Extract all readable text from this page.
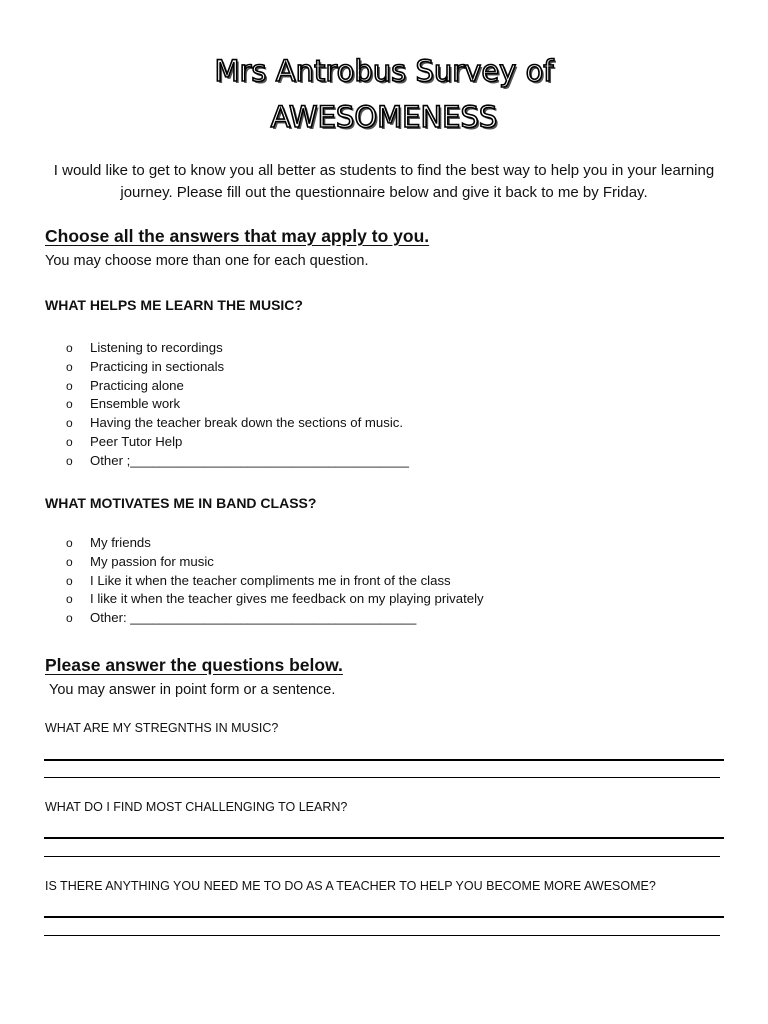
Mrs Antrobus Survey of
AWESOMENESS
I would like to get to know you all better as students to find the best way to help you in your learning journey. Please fill out the questionnaire below and give it back to me by Friday.
Choose all the answers that may apply to you.
You may choose more than one for each question.
WHAT HELPS ME LEARN THE MUSIC?
o Listening to recordings
o Practicing in sectionals
o Practicing alone
o Ensemble work
o Having the teacher break down the sections of music.
o Peer Tutor Help
o Other ;______________________________________
WHAT MOTIVATES ME IN BAND CLASS?
o My friends
o My passion for music
o I Like it when the teacher compliments me in front of the class
o I like it when the teacher gives me feedback on my playing privately
o Other: _______________________________________
Please answer the questions below.
You may answer in point form or a sentence.
WHAT ARE MY STREGNTHS IN MUSIC?
WHAT DO I FIND MOST CHALLENGING TO LEARN?
IS THERE ANYTHING YOU NEED ME TO DO AS A TEACHER TO HELP YOU BECOME MORE AWESOME?
